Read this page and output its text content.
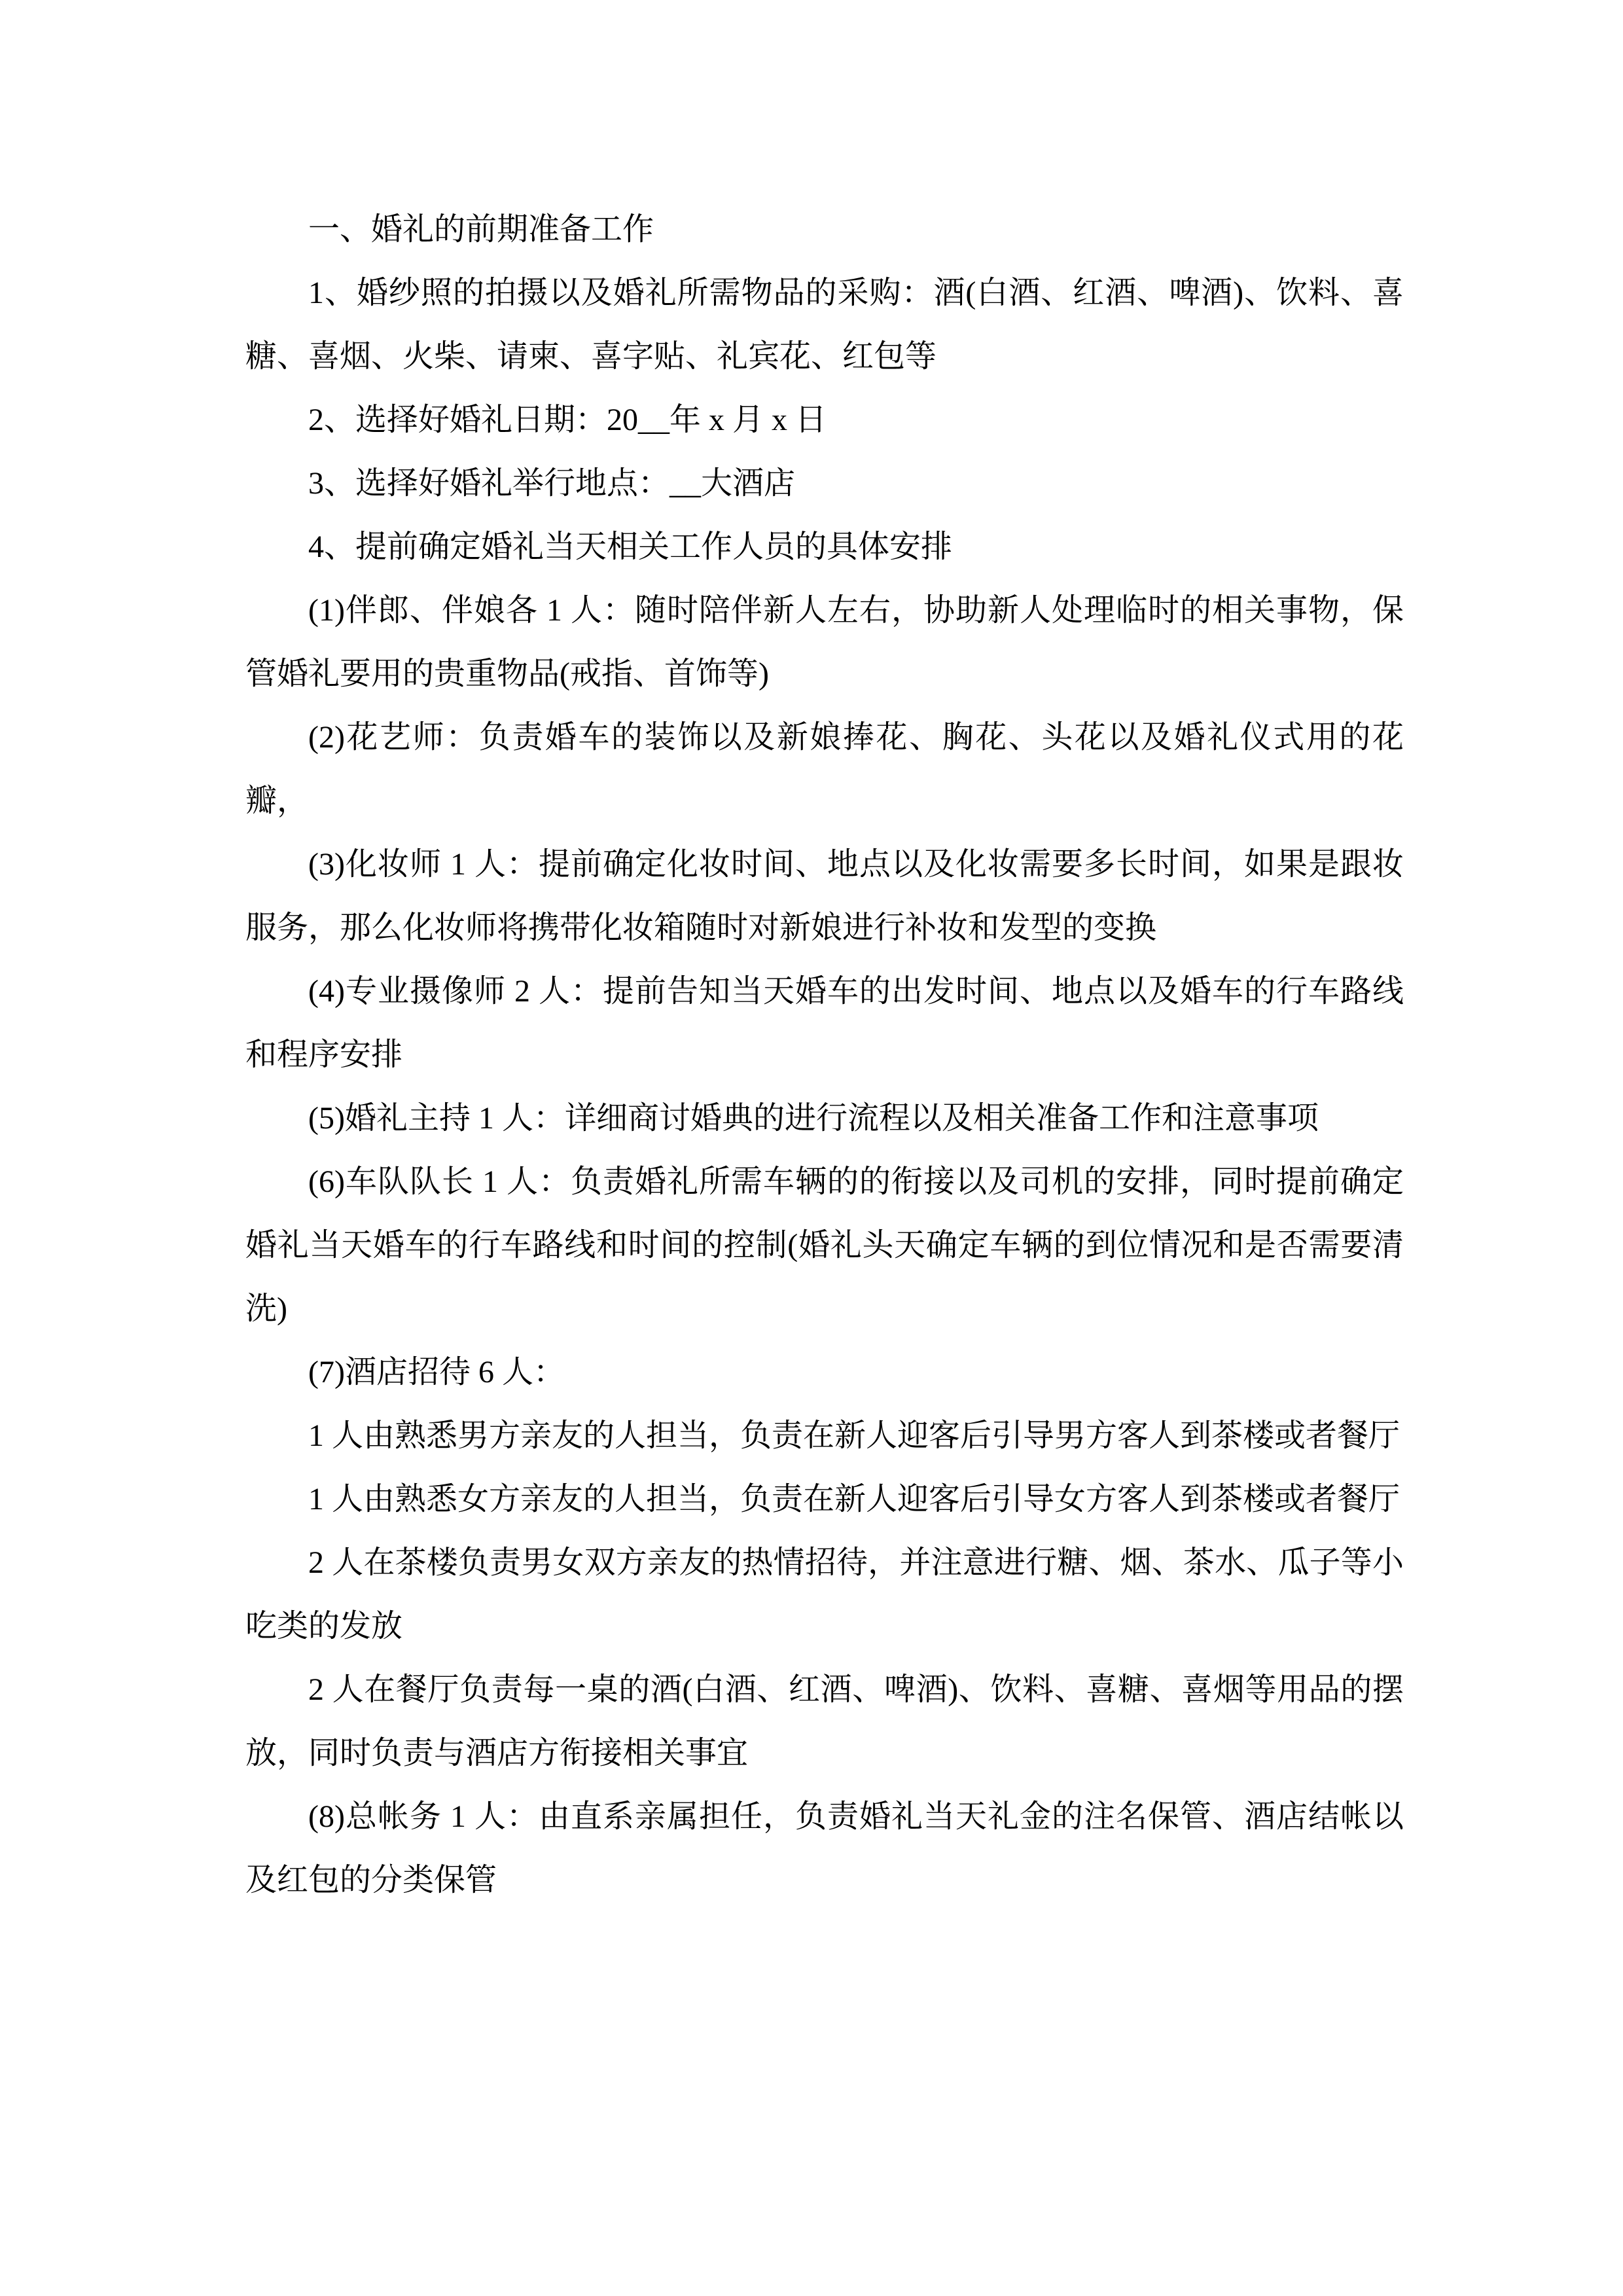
一、婚礼的前期准备工作

1、婚纱照的拍摄以及婚礼所需物品的采购：酒(白酒、红酒、啤酒)、饮料、喜糖、喜烟、火柴、请柬、喜字贴、礼宾花、红包等

2、选择好婚礼日期：20__年 x 月 x 日

3、选择好婚礼举行地点：__大酒店

4、提前确定婚礼当天相关工作人员的具体安排

(1)伴郎、伴娘各 1 人：随时陪伴新人左右，协助新人处理临时的相关事物，保管婚礼要用的贵重物品(戒指、首饰等)

(2)花艺师：负责婚车的装饰以及新娘捧花、胸花、头花以及婚礼仪式用的花瓣，

(3)化妆师 1 人：提前确定化妆时间、地点以及化妆需要多长时间，如果是跟妆服务，那么化妆师将携带化妆箱随时对新娘进行补妆和发型的变换

(4)专业摄像师 2 人：提前告知当天婚车的出发时间、地点以及婚车的行车路线和程序安排

(5)婚礼主持 1 人：详细商讨婚典的进行流程以及相关准备工作和注意事项

(6)车队队长 1 人：负责婚礼所需车辆的的衔接以及司机的安排，同时提前确定婚礼当天婚车的行车路线和时间的控制(婚礼头天确定车辆的到位情况和是否需要清洗)

(7)酒店招待 6 人：

1 人由熟悉男方亲友的人担当，负责在新人迎客后引导男方客人到茶楼或者餐厅

1 人由熟悉女方亲友的人担当，负责在新人迎客后引导女方客人到茶楼或者餐厅

2 人在茶楼负责男女双方亲友的热情招待，并注意进行糖、烟、茶水、瓜子等小吃类的发放

2 人在餐厅负责每一桌的酒(白酒、红酒、啤酒)、饮料、喜糖、喜烟等用品的摆放，同时负责与酒店方衔接相关事宜

(8)总帐务 1 人：由直系亲属担任，负责婚礼当天礼金的注名保管、酒店结帐以及红包的分类保管
